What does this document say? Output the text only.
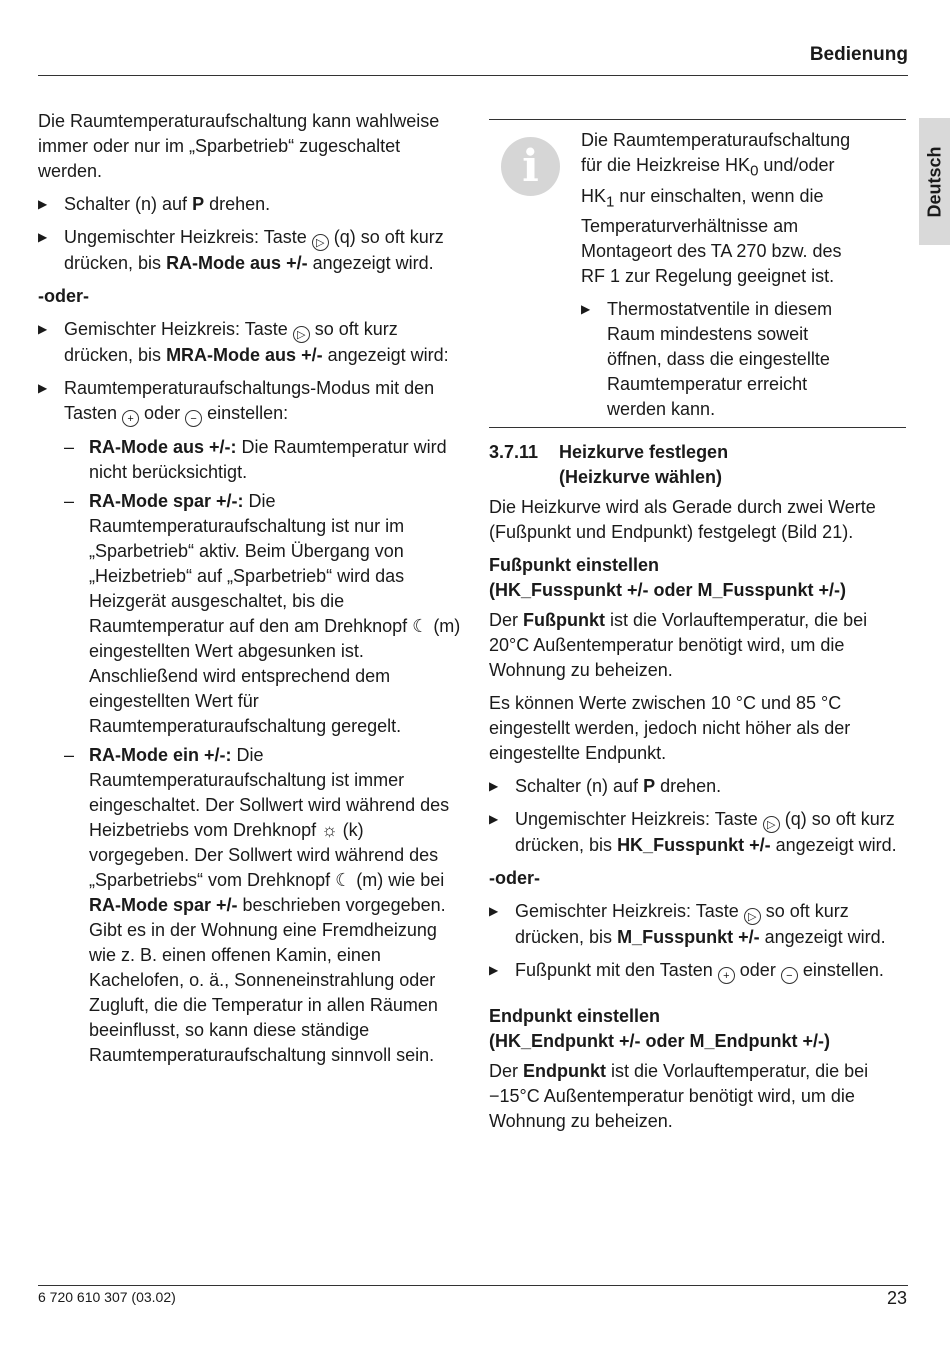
Bedienung
Deutsch

Die Raumtemperaturaufschaltung kann wahlweise immer oder nur im „Sparbetrieb“ zugeschaltet werden.

▶ Schalter (n) auf P drehen.
▶ Ungemischter Heizkreis: Taste ▷ (q) so oft kurz drücken, bis RA-Mode aus +/- angezeigt wird.
-oder-
▶ Gemischter Heizkreis: Taste ▷ so oft kurz drücken, bis MRA-Mode aus +/- angezeigt wird:
▶ Raumtemperaturaufschaltungs-Modus mit den Tasten + oder − einstellen:
– RA-Mode aus +/-: Die Raumtemperatur wird nicht berücksichtigt.
– RA-Mode spar +/-: Die Raumtemperaturaufschaltung ist nur im „Sparbetrieb“ aktiv. Beim Übergang von „Heizbetrieb“ auf „Sparbetrieb“ wird das Heizgerät ausgeschaltet, bis die Raumtemperatur auf den am Drehknopf ☾ (m) eingestellten Wert abgesunken ist. Anschließend wird entsprechend dem eingestellten Wert für Raumtemperaturaufschaltung geregelt.
– RA-Mode ein +/-: Die Raumtemperaturaufschaltung ist immer eingeschaltet. Der Sollwert wird während des Heizbetriebs vom Drehknopf ☼ (k) vorgegeben. Der Sollwert wird während des „Sparbetriebs“ vom Drehknopf ☾ (m) wie bei RA-Mode spar +/- beschrieben vorgegeben.
Gibt es in der Wohnung eine Fremdheizung wie z. B. einen offenen Kamin, einen Kachelofen, o. ä., Sonneneinstrahlung oder Zugluft, die die Temperatur in allen Räumen beeinflusst, so kann diese ständige Raumtemperaturaufschaltung sinnvoll sein.
i

Die Raumtemperaturaufschaltung für die Heizkreise $HK_0$ und/oder $HK_1$ nur einschalten, wenn die Temperaturverhältnisse am Montageort des TA 270 bzw. des RF 1 zur Regelung geeignet ist.

▶ Thermostatventile in diesem Raum mindestens soweit öffnen, dass die eingestellte Raumtemperatur erreicht werden kann.
3.7.11	Heizkurve festlegen
(Heizkurve wählen)

Die Heizkurve wird als Gerade durch zwei Werte (Fußpunkt und Endpunkt) festgelegt (Bild 21).

Fußpunkt einstellen
(HK_Fusspunkt +/- oder M_Fusspunkt +/-)

Der Fußpunkt ist die Vorlauftemperatur, die bei 20°C Außentemperatur benötigt wird, um die Wohnung zu beheizen.

Es können Werte zwischen 10 °C und 85 °C eingestellt werden, jedoch nicht höher als der eingestellte Endpunkt.

▶ Schalter (n) auf P drehen.
▶ Ungemischter Heizkreis: Taste ▷ (q) so oft kurz drücken, bis HK_Fusspunkt +/- angezeigt wird.
-oder-
▶ Gemischter Heizkreis: Taste ▷ so oft kurz drücken, bis M_Fusspunkt +/- angezeigt wird.
▶ Fußpunkt mit den Tasten + oder − einstellen.
Endpunkt einstellen
(HK_Endpunkt +/- oder M_Endpunkt +/-)

Der Endpunkt ist die Vorlauftemperatur, die bei −15°C Außentemperatur benötigt wird, um die Wohnung zu beheizen.

6 720 610 307 (03.02)	23
